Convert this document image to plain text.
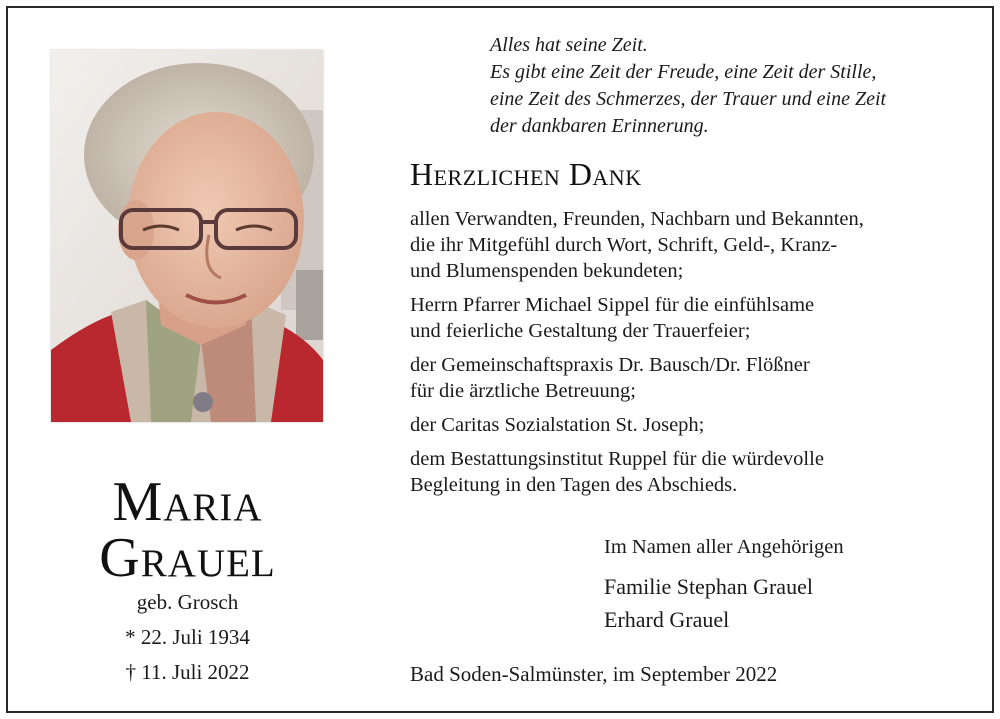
Maria
Grauel
geb. Grosch
* 22. Juli 1934
† 11. Juli 2022
Alles hat seine Zeit.
Es gibt eine Zeit der Freude, eine Zeit der Stille,
eine Zeit des Schmerzes, der Trauer und eine Zeit
der dankbaren Erinnerung.
Herzlichen Dank
allen Verwandten, Freunden, Nachbarn und Bekannten,
die ihr Mitgefühl durch Wort, Schrift, Geld-, Kranz-
und Blumenspenden bekundeten;
Herrn Pfarrer Michael Sippel für die einfühlsame
und feierliche Gestaltung der Trauerfeier;
der Gemeinschaftspraxis Dr. Bausch/Dr. Flößner
für die ärztliche Betreuung;
der Caritas Sozialstation St. Joseph;
dem Bestattungsinstitut Ruppel für die würdevolle
Begleitung in den Tagen des Abschieds.
Im Namen aller Angehörigen
Familie Stephan Grauel
Erhard Grauel
Bad Soden-Salmünster, im September 2022
